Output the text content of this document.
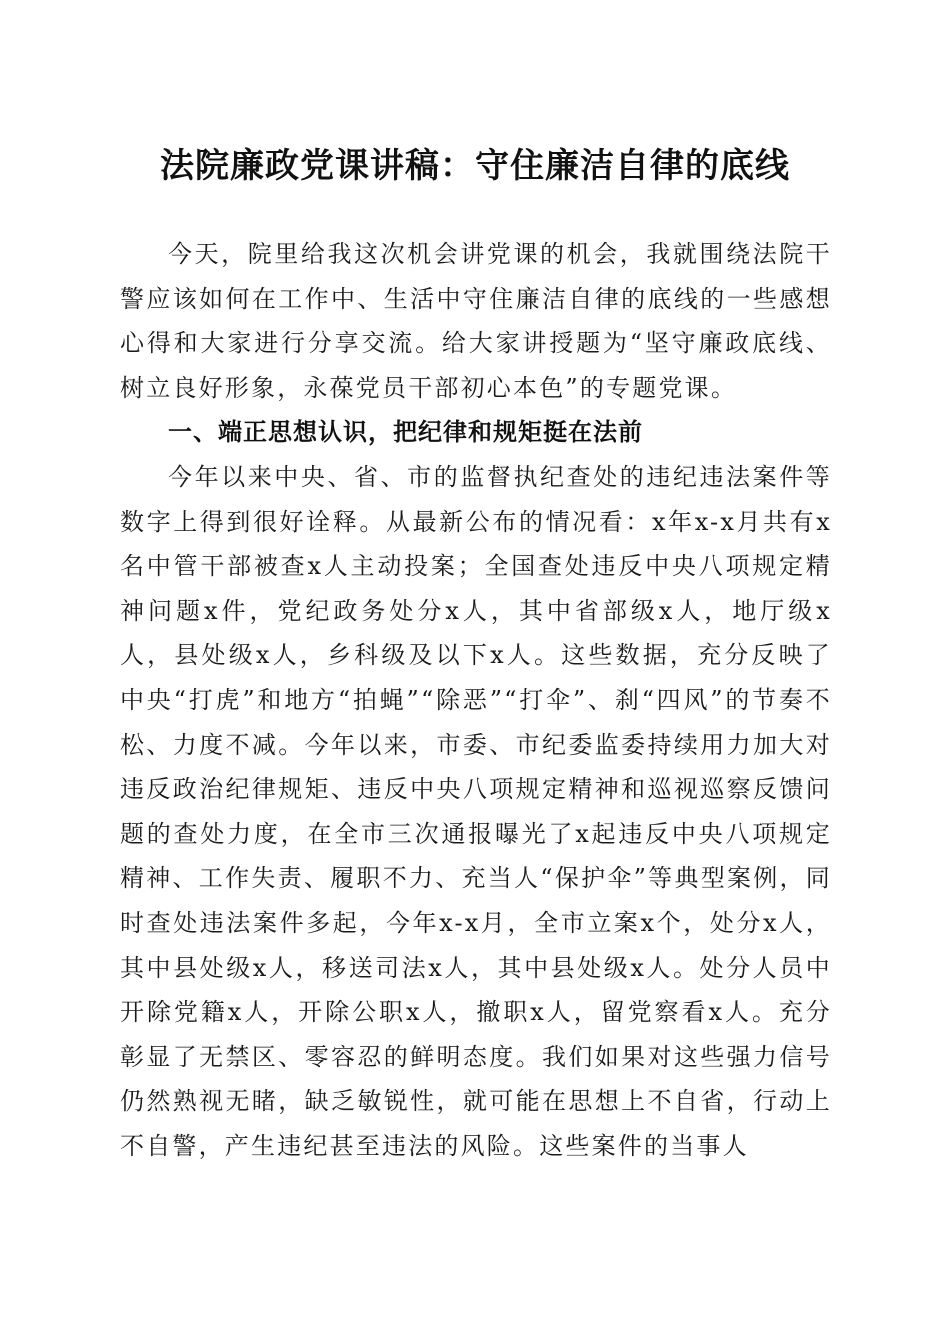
法院廉政党课讲稿：守住廉洁自律的底线

今天，院里给我这次机会讲党课的机会，我就围绕法院干警应该如何在工作中、生活中守住廉洁自律的底线的一些感想心得和大家进行分享交流。给大家讲授题为“坚守廉政底线、树立良好形象，永葆党员干部初心本色”的专题党课。

一、端正思想认识，把纪律和规矩挺在法前

今年以来中央、省、市的监督执纪查处的违纪违法案件等数字上得到很好诠释。从最新公布的情况看：x年x-x月共有x名中管干部被查x人主动投案；全国查处违反中央八项规定精神问题x件，党纪政务处分x人，其中省部级x人，地厅级x人，县处级x人，乡科级及以下x人。这些数据，充分反映了中央“打虎”和地方“拍蝇”“除恶”“打伞”、刹“四风”的节奏不松、力度不减。今年以来，市委、市纪委监委持续用力加大对违反政治纪律规矩、违反中央八项规定精神和巡视巡察反馈问题的查处力度，在全市三次通报曝光了x起违反中央八项规定精神、工作失责、履职不力、充当人“保护伞”等典型案例，同时查处违法案件多起，今年x-x月，全市立案x个，处分x人，其中县处级x人，移送司法x人，其中县处级x人。处分人员中开除党籍x人，开除公职x人，撤职x人，留党察看x人。充分彰显了无禁区、零容忍的鲜明态度。我们如果对这些强力信号仍然熟视无睹，缺乏敏锐性，就可能在思想上不自省，行动上不自警，产生违纪甚至违法的风险。这些案件的当事人
